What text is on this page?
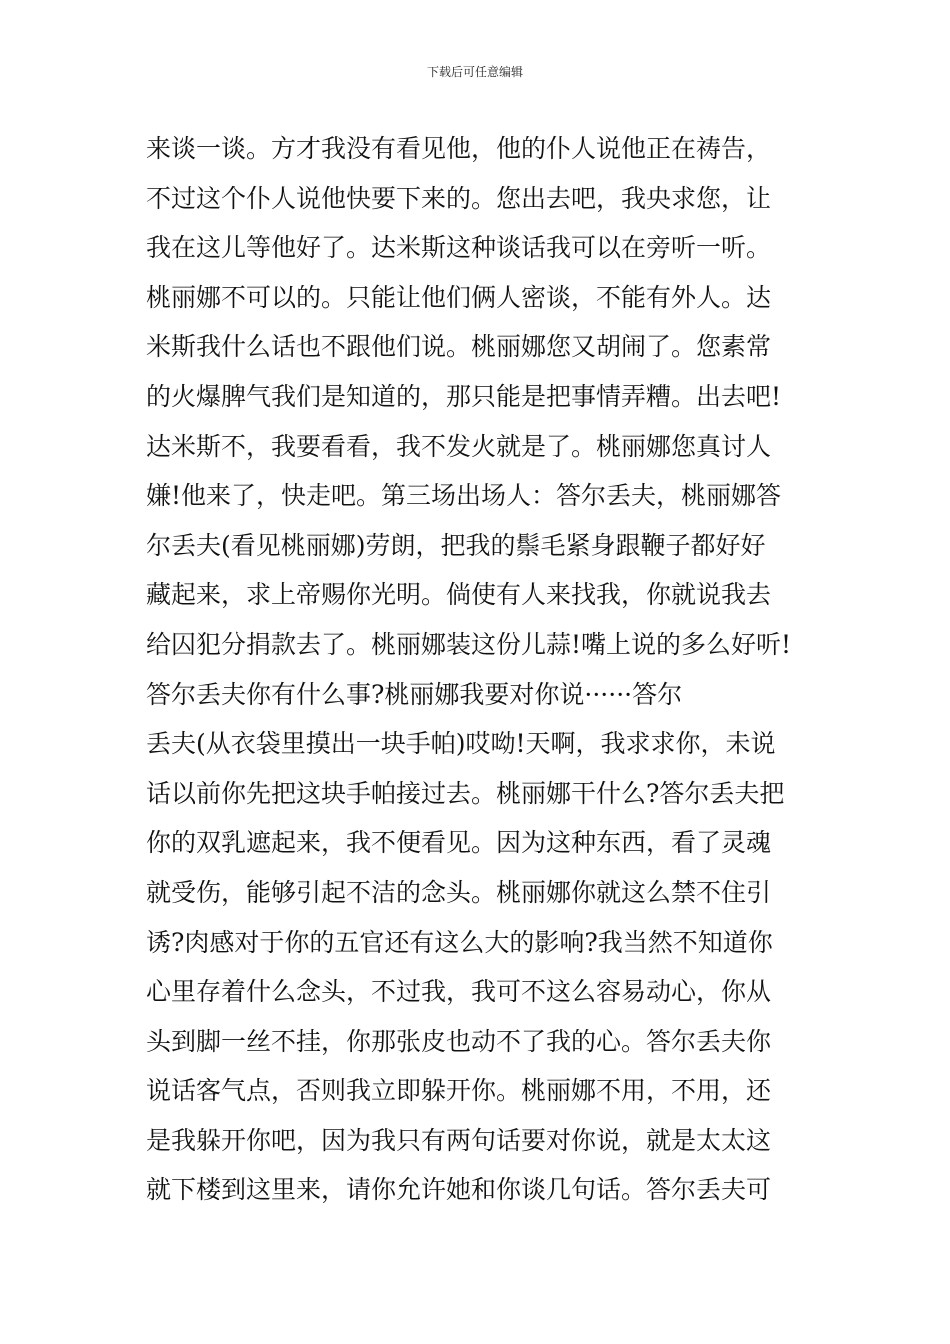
下载后可任意编辑
来谈一谈。方才我没有看见他，他的仆人说他正在祷告，
不过这个仆人说他快要下来的。您出去吧，我央求您，让
我在这儿等他好了。达米斯这种谈话我可以在旁听一听。
桃丽娜不可以的。只能让他们俩人密谈，不能有外人。达
米斯我什么话也不跟他们说。桃丽娜您又胡闹了。您素常
的火爆脾气我们是知道的，那只能是把事情弄糟。出去吧!
达米斯不，我要看看，我不发火就是了。桃丽娜您真讨人
嫌!他来了，快走吧。第三场出场人：答尔丢夫，桃丽娜答
尔丢夫(看见桃丽娜)劳朗，把我的鬃毛紧身跟鞭子都好好
藏起来，求上帝赐你光明。倘使有人来找我，你就说我去
给囚犯分捐款去了。桃丽娜装这份儿蒜!嘴上说的多么好听!
答尔丢夫你有什么事?桃丽娜我要对你说······答尔
丢夫(从衣袋里摸出一块手帕)哎呦!天啊，我求求你，未说
话以前你先把这块手帕接过去。桃丽娜干什么?答尔丢夫把
你的双乳遮起来，我不便看见。因为这种东西，看了灵魂
就受伤，能够引起不洁的念头。桃丽娜你就这么禁不住引
诱?肉感对于你的五官还有这么大的影响?我当然不知道你
心里存着什么念头，不过我，我可不这么容易动心，你从
头到脚一丝不挂，你那张皮也动不了我的心。答尔丢夫你
说话客气点，否则我立即躲开你。桃丽娜不用，不用，还
是我躲开你吧，因为我只有两句话要对你说，就是太太这
就下楼到这里来，请你允许她和你谈几句话。答尔丢夫可
